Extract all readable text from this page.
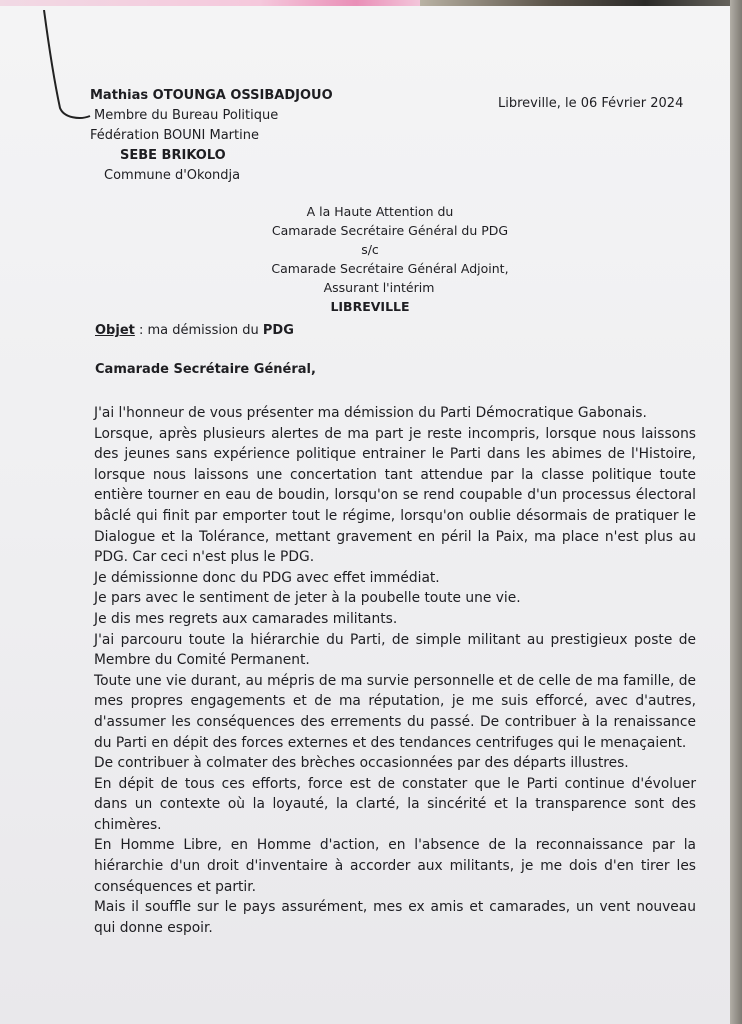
Mathias OTOUNGA OSSIBADJOUO
Membre du Bureau Politique
Fédération BOUNI Martine
SEBE BRIKOLO
Commune d'Okondja
Libreville, le 06 Février 2024
A la Haute Attention du
Camarade Secrétaire Général du PDG
s/c
Camarade Secrétaire Général Adjoint,
Assurant l'intérim
LIBREVILLE
Objet : ma démission du PDG
Camarade Secrétaire Général,

J'ai l'honneur de vous présenter ma démission du Parti Démocratique Gabonais.

Lorsque, après plusieurs alertes de ma part je reste incompris, lorsque nous laissons des jeunes sans expérience politique entrainer le Parti dans les abimes de l'Histoire, lorsque nous laissons une concertation tant attendue par la classe politique toute entière tourner en eau de boudin, lorsqu'on se rend coupable d'un processus électoral bâclé qui finit par emporter tout le régime, lorsqu'on oublie désormais de pratiquer le Dialogue et la Tolérance, mettant gravement en péril la Paix, ma place n'est plus au PDG. Car ceci n'est plus le PDG.

Je démissionne donc du PDG avec effet immédiat.

Je pars avec le sentiment de jeter à la poubelle toute une vie.

Je dis mes regrets aux camarades militants.

J'ai parcouru toute la hiérarchie du Parti, de simple militant au prestigieux poste de Membre du Comité Permanent.

Toute une vie durant, au mépris de ma survie personnelle et de celle de ma famille, de mes propres engagements et de ma réputation, je me suis efforcé, avec d'autres, d'assumer les conséquences des errements du passé. De contribuer à la renaissance du Parti en dépit des forces externes et des tendances centrifuges qui le menaçaient.

De contribuer à colmater des brèches occasionnées par des départs illustres.

En dépit de tous ces efforts, force est de constater que le Parti continue d'évoluer dans un contexte où la loyauté, la clarté, la sincérité et la transparence sont des chimères.

En Homme Libre, en Homme d'action, en l'absence de la reconnaissance par la hiérarchie d'un droit d'inventaire à accorder aux militants, je me dois d'en tirer les conséquences et partir.

Mais il souffle sur le pays assurément, mes ex amis et camarades, un vent nouveau qui donne espoir.
